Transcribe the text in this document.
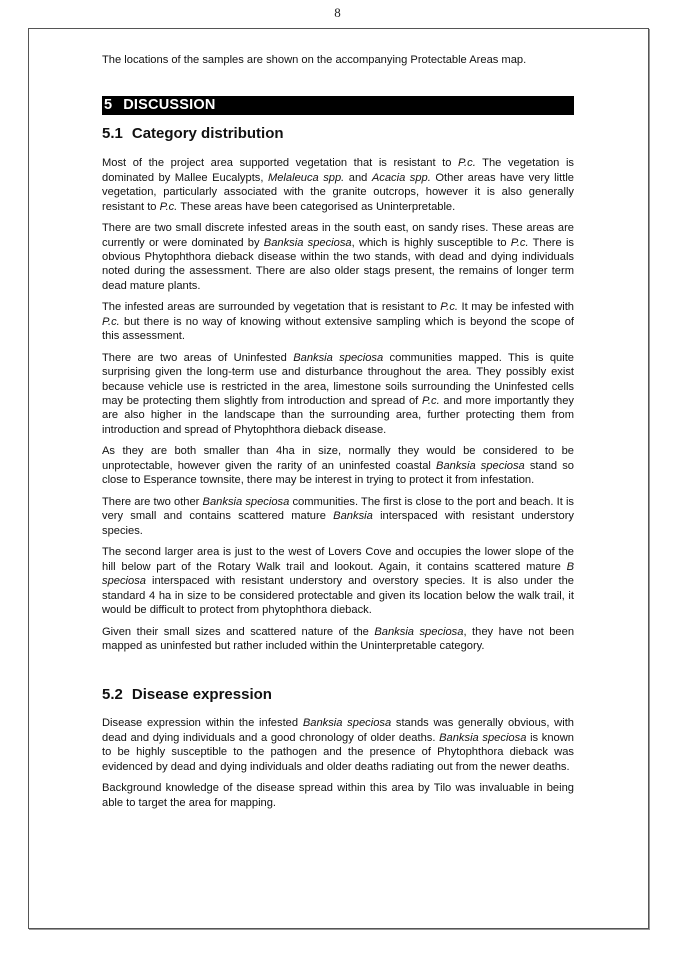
8

The locations of the samples are shown on the accompanying Protectable Areas map.

5 DISCUSSION
5.1 Category distribution

Most of the project area supported vegetation that is resistant to P.c. The vegetation is dominated by Mallee Eucalypts, Melaleuca spp. and Acacia spp. Other areas have very little vegetation, particularly associated with the granite outcrops, however it is also generally resistant to P.c. These areas have been categorised as Uninterpretable.

There are two small discrete infested areas in the south east, on sandy rises. These areas are currently or were dominated by Banksia speciosa, which is highly susceptible to P.c. There is obvious Phytophthora dieback disease within the two stands, with dead and dying individuals noted during the assessment. There are also older stags present, the remains of longer term dead mature plants.

The infested areas are surrounded by vegetation that is resistant to P.c. It may be infested with P.c. but there is no way of knowing without extensive sampling which is beyond the scope of this assessment.

There are two areas of Uninfested Banksia speciosa communities mapped. This is quite surprising given the long-term use and disturbance throughout the area. They possibly exist because vehicle use is restricted in the area, limestone soils surrounding the Uninfested cells may be protecting them slightly from introduction and spread of P.c. and more importantly they are also higher in the landscape than the surrounding area, further protecting them from introduction and spread of Phytophthora dieback disease.

As they are both smaller than 4ha in size, normally they would be considered to be unprotectable, however given the rarity of an uninfested coastal Banksia speciosa stand so close to Esperance townsite, there may be interest in trying to protect it from infestation.

There are two other Banksia speciosa communities. The first is close to the port and beach. It is very small and contains scattered mature Banksia interspaced with resistant understory species.

The second larger area is just to the west of Lovers Cove and occupies the lower slope of the hill below part of the Rotary Walk trail and lookout. Again, it contains scattered mature B speciosa interspaced with resistant understory and overstory species. It is also under the standard 4 ha in size to be considered protectable and given its location below the walk trail, it would be difficult to protect from phytophthora dieback.

Given their small sizes and scattered nature of the Banksia speciosa, they have not been mapped as uninfested but rather included within the Uninterpretable category.

5.2 Disease expression

Disease expression within the infested Banksia speciosa stands was generally obvious, with dead and dying individuals and a good chronology of older deaths. Banksia speciosa is known to be highly susceptible to the pathogen and the presence of Phytophthora dieback was evidenced by dead and dying individuals and older deaths radiating out from the newer deaths.

Background knowledge of the disease spread within this area by Tilo was invaluable in being able to target the area for mapping.
